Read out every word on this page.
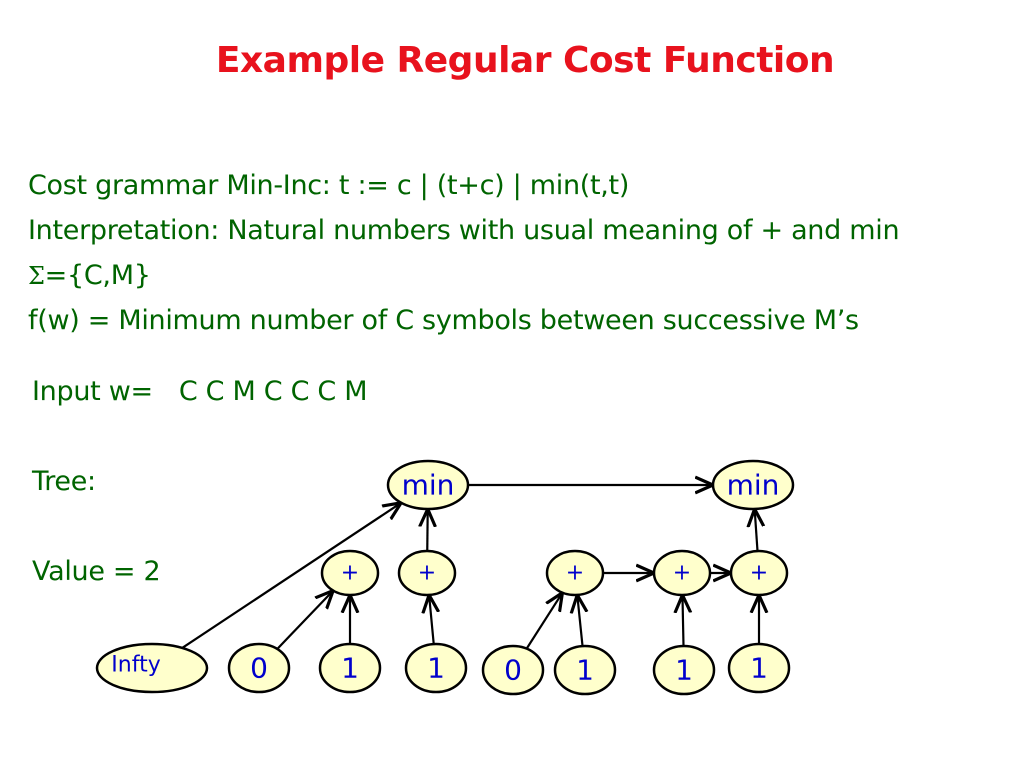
Example Regular Cost Function
Cost grammar Min-Inc: t := c | (t+c) | min(t,t)
Interpretation: Natural numbers with usual meaning of + and min
Σ={C,M}
f(w) = Minimum number of C symbols between successive M’s
Input w= C C M C C C M
Tree:
Value = 2
min	min
+	+	+	+	+
Infty	0	1 1 0 1	1 1
